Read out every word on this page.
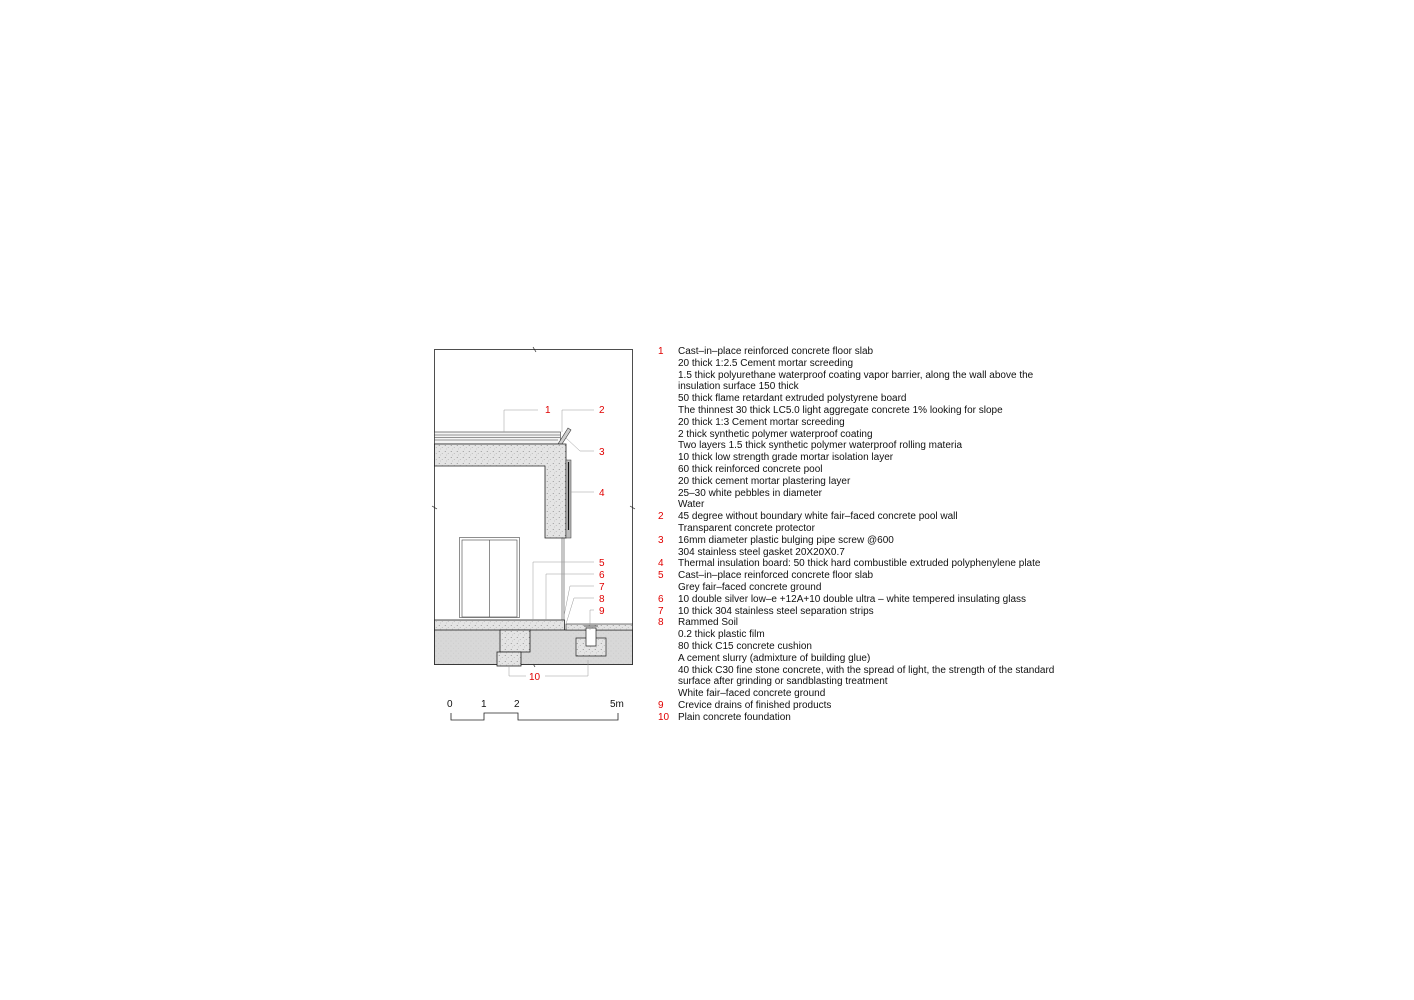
1	2
3
4
5
6
7
8
9
10
0	1	2	5m
1	Cast–in–place reinforced concrete floor slab
20 thick 1:2.5 Cement mortar screeding
1.5 thick polyurethane waterproof coating vapor barrier, along the wall above the
insulation surface 150 thick
50 thick flame retardant extruded polystyrene board
The thinnest 30 thick LC5.0 light aggregate concrete 1% looking for slope
20 thick 1:3 Cement mortar screeding
2 thick synthetic polymer waterproof coating
Two layers 1.5 thick synthetic polymer waterproof rolling materia
10 thick low strength grade mortar isolation layer
60 thick reinforced concrete pool
20 thick cement mortar plastering layer
25–30 white pebbles in diameter
Water
2	45 degree without boundary white fair–faced concrete pool wall
Transparent concrete protector
3	16mm diameter plastic bulging pipe screw @600
304 stainless steel gasket 20X20X0.7
4	Thermal insulation board: 50 thick hard combustible extruded polyphenylene plate
5	Cast–in–place reinforced concrete floor slab
Grey fair–faced concrete ground
6	10 double silver low–e +12A+10 double ultra – white tempered insulating glass
7	10 thick 304 stainless steel separation strips
8	Rammed Soil
0.2 thick plastic film
80 thick C15 concrete cushion
A cement slurry (admixture of building glue)
40 thick C30 fine stone concrete, with the spread of light, the strength of the standard
surface after grinding or sandblasting treatment
White fair–faced concrete ground
9	Crevice drains of finished products
10 Plain concrete foundation
